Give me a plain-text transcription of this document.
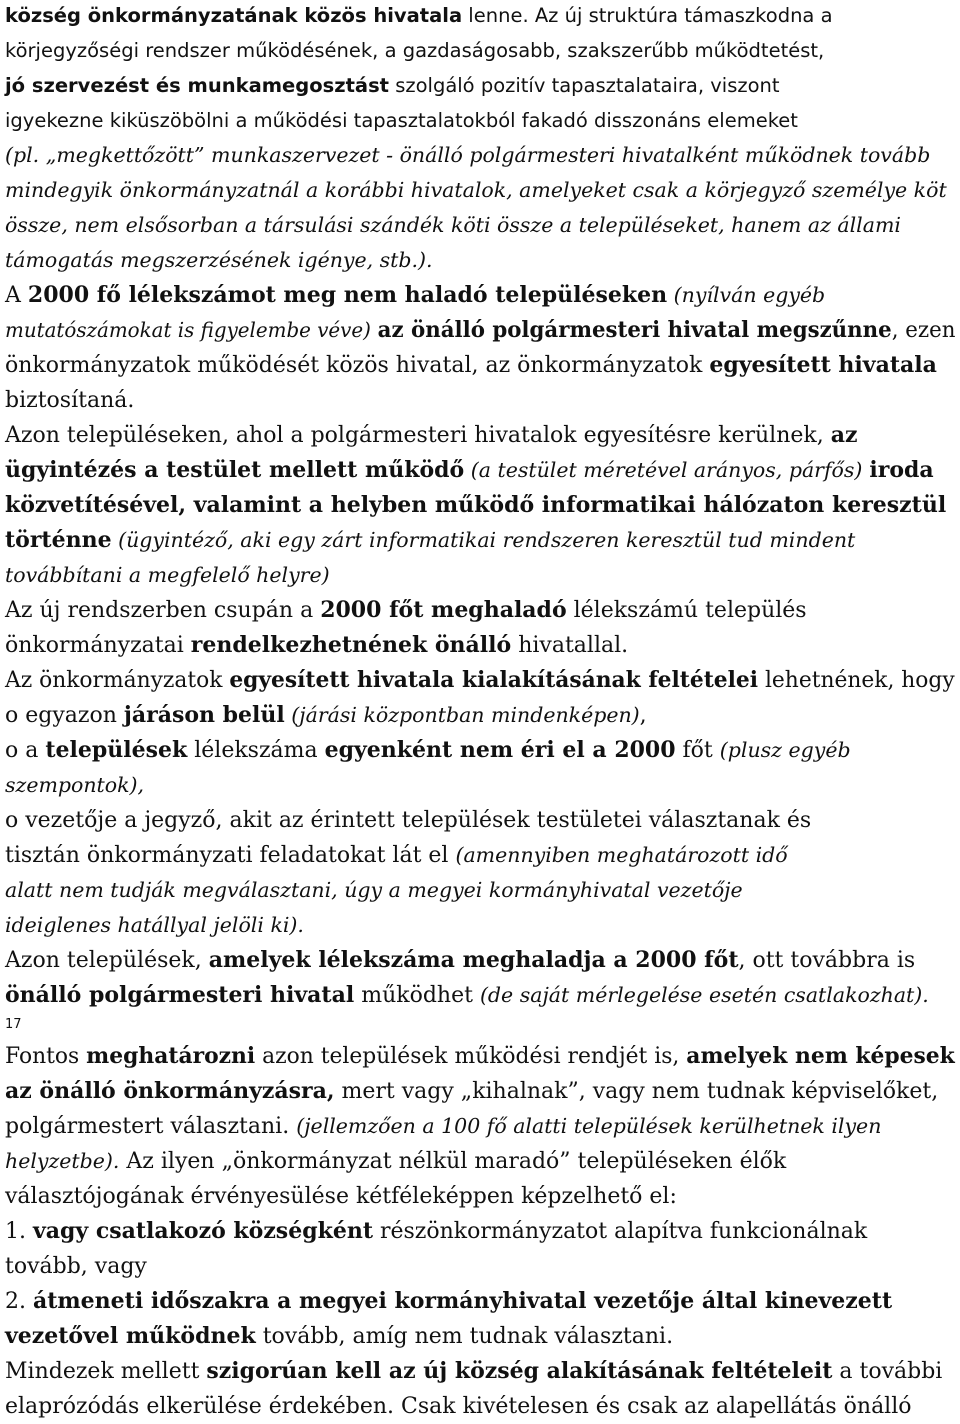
község önkormányzatának közös hivatala lenne. Az új struktúra támaszkodna a
körjegyzőségi rendszer működésének, a gazdaságosabb, szakszerűbb működtetést,
jó szervezést és munkamegosztást szolgáló pozitív tapasztalataira, viszont
igyekezne kiküszöbölni a működési tapasztalatokból fakadó disszonáns elemeket
(pl. „megkettőzött” munkaszervezet - önálló polgármesteri hivatalként működnek tovább
mindegyik önkormányzatnál a korábbi hivatalok, amelyeket csak a körjegyző személye köt
össze, nem elsősorban a társulási szándék köti össze a településeket, hanem az állami
támogatás megszerzésének igénye, stb.).
A 2000 fő lélekszámot meg nem haladó településeken (nyílván egyéb
mutatószámokat is figyelembe véve) az önálló polgármesteri hivatal megszűnne, ezen
önkormányzatok működését közös hivatal, az önkormányzatok egyesített hivatala
biztosítaná.
Azon településeken, ahol a polgármesteri hivatalok egyesítésre kerülnek, az
ügyintézés a testület mellett működő (a testület méretével arányos, párfős) iroda
közvetítésével, valamint a helyben működő informatikai hálózaton keresztül
történne (ügyintéző, aki egy zárt informatikai rendszeren keresztül tud mindent
továbbítani a megfelelő helyre)
Az új rendszerben csupán a 2000 főt meghaladó lélekszámú település
önkormányzatai rendelkezhetnének önálló hivatallal.
Az önkormányzatok egyesített hivatala kialakításának feltételei lehetnének, hogy
o egyazon járáson belül (járási központban mindenképen),
o a települések lélekszáma egyenként nem éri el a 2000 főt (plusz egyéb
szempontok),
o vezetője a jegyző, akit az érintett települések testületei választanak és
tisztán önkormányzati feladatokat lát el (amennyiben meghatározott idő
alatt nem tudják megválasztani, úgy a megyei kormányhivatal vezetője
ideiglenes hatállyal jelöli ki).
Azon települések, amelyek lélekszáma meghaladja a 2000 főt, ott továbbra is
önálló polgármesteri hivatal működhet (de saját mérlegelése esetén csatlakozhat).
17
Fontos meghatározni azon települések működési rendjét is, amelyek nem képesek
az önálló önkormányzásra, mert vagy „kihalnak”, vagy nem tudnak képviselőket,
polgármestert választani. (jellemzően a 100 fő alatti települések kerülhetnek ilyen
helyzetbe). Az ilyen „önkormányzat nélkül maradó” településeken élők
választójogának érvényesülése kétféleképpen képzelhető el:
1. vagy csatlakozó községként részönkormányzatot alapítva funkcionálnak
tovább, vagy
2. átmeneti időszakra a megyei kormányhivatal vezetője által kinevezett
vezetővel működnek tovább, amíg nem tudnak választani.
Mindezek mellett szigorúan kell az új község alakításának feltételeit a további
elaprózódás elkerülése érdekében. Csak kivételesen és csak az alapellátás önálló
